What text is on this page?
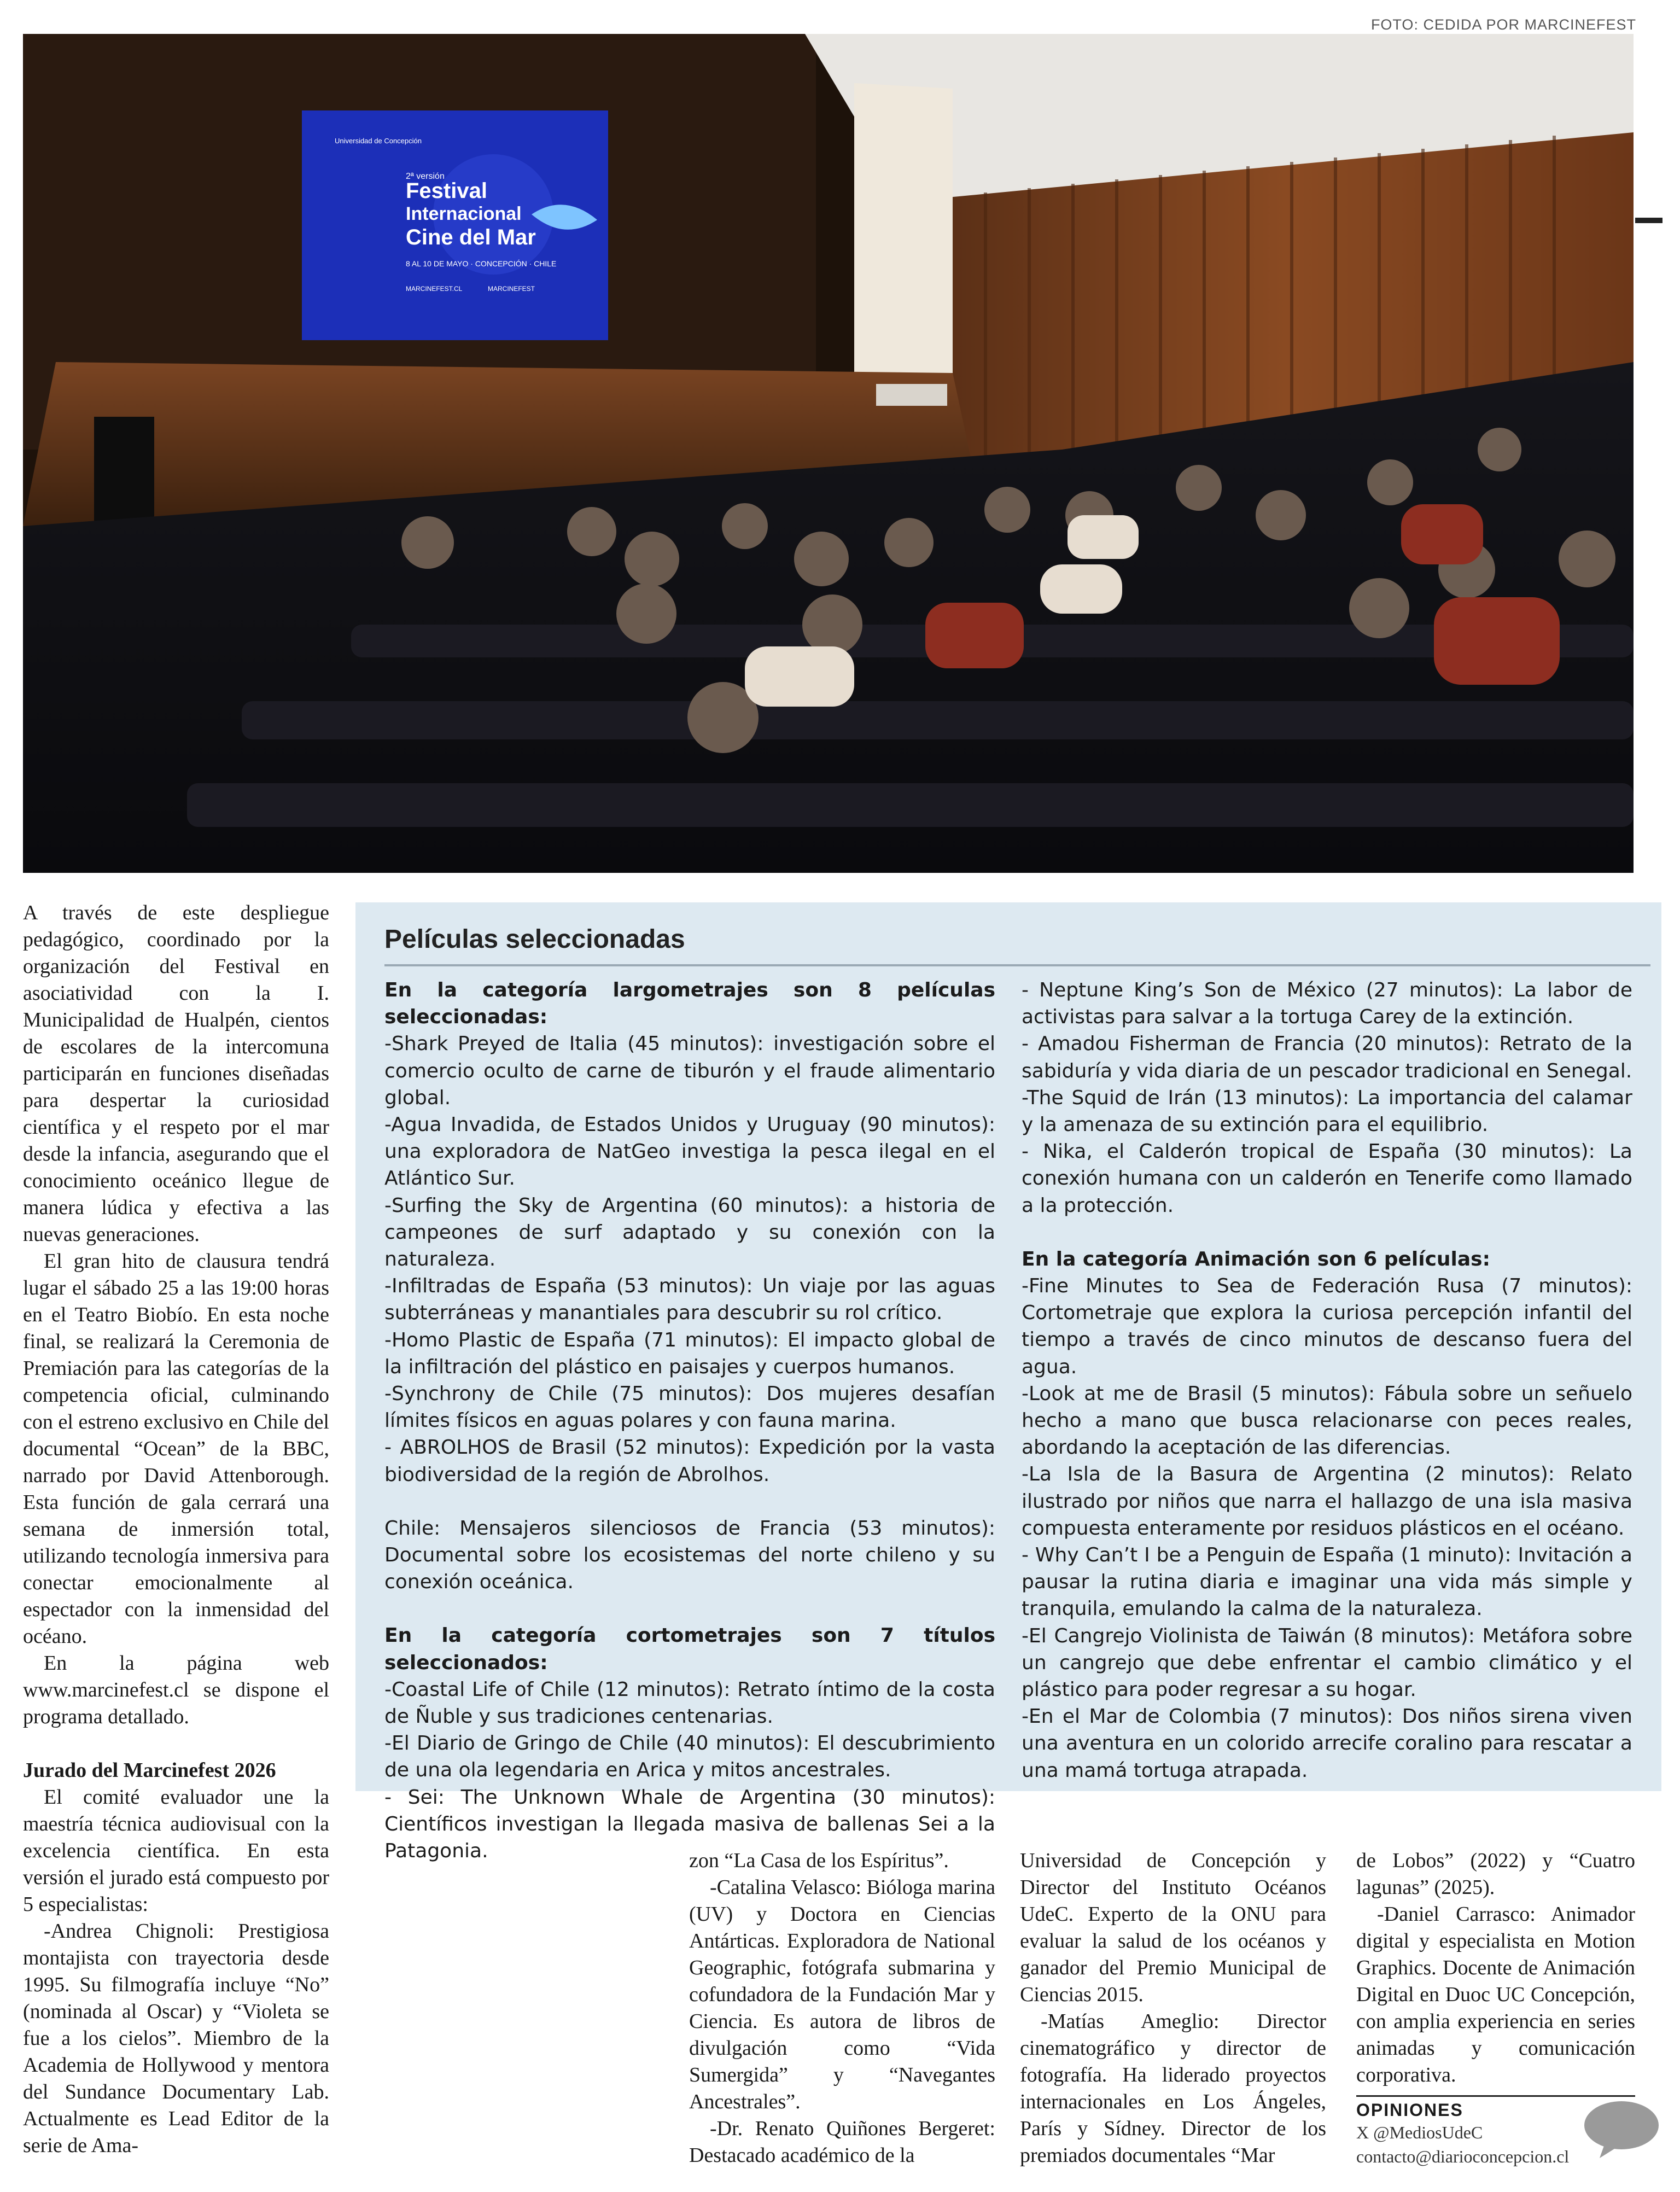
FOTO: CEDIDA POR MARCINEFEST
Festival
Internacional
Cine del Mar
2ª versión
8 AL 10 DE MAYO · CONCEPCIÓN · CHILE
Universidad de Concepción
MARCINEFEST.CL	MARCINEFEST

A través de este despliegue pedagógico, coordinado por la organización del Festival en asociatividad con la I. Municipalidad de Hualpén, cientos de escolares de la intercomuna participarán en funciones diseñadas para despertar la curiosidad científica y el respeto por el mar desde la infancia, asegurando que el conocimiento oceánico llegue de manera lúdica y efectiva a las nuevas generaciones.

El gran hito de clausura tendrá lugar el sábado 25 a las 19:00 horas en el Teatro Biobío. En esta noche final, se realizará la Ceremonia de Premiación para las categorías de la competencia oficial, culminando con el estreno exclusivo en Chile del documental “Ocean” de la BBC, narrado por David Attenborough. Esta función de gala cerrará una semana de inmersión total, utilizando tecnología inmersiva para conectar emocionalmente al espectador con la inmensidad del océano.

En la página web www.marcinefest.cl se dispone el programa detallado.

Jurado del Marcinefest 2026

El comité evaluador une la maestría técnica audiovisual con la excelencia científica. En esta versión el jurado está compuesto por 5 especialistas:

-Andrea Chignoli: Prestigiosa montajista con trayectoria desde 1995. Su filmografía incluye “No” (nominada al Oscar) y “Violeta se fue a los cielos”. Miembro de la Academia de Hollywood y mentora del Sundance Documentary Lab. Actualmente es Lead Editor de la serie de Ama-

Películas seleccionadas

En la categoría largometrajes son 8 películas seleccionadas:

-Shark Preyed de Italia (45 minutos): investigación sobre el comercio oculto de carne de tiburón y el fraude alimentario global.

-Agua Invadida, de Estados Unidos y Uruguay (90 minutos): una exploradora de NatGeo investiga la pesca ilegal en el Atlántico Sur.

-Surfing the Sky de Argentina (60 minutos): a historia de campeones de surf adaptado y su conexión con la naturaleza.

-Infiltradas de España (53 minutos): Un viaje por las aguas subterráneas y manantiales para descubrir su rol crítico.

-Homo Plastic de España (71 minutos): El impacto global de la infiltración del plástico en paisajes y cuerpos humanos.

-Synchrony de Chile (75 minutos): Dos mujeres desafían límites físicos en aguas polares y con fauna marina.

- ABROLHOS de Brasil (52 minutos): Expedición por la vasta biodiversidad de la región de Abrolhos.

Chile: Mensajeros silenciosos de Francia (53 minutos): Documental sobre los ecosistemas del norte chileno y su conexión oceánica.

En la categoría cortometrajes son 7 títulos seleccionados:

-Coastal Life of Chile (12 minutos): Retrato íntimo de la costa de Ñuble y sus tradiciones centenarias.

-El Diario de Gringo de Chile (40 minutos): El descubrimiento de una ola legendaria en Arica y mitos ancestrales.

- Sei: The Unknown Whale de Argentina (30 minutos): Científicos investigan la llegada masiva de ballenas Sei a la Patagonia.

- Neptune King’s Son de México (27 minutos): La labor de activistas para salvar a la tortuga Carey de la extinción.

- Amadou Fisherman de Francia (20 minutos): Retrato de la sabiduría y vida diaria de un pescador tradicional en Senegal.

-The Squid de Irán (13 minutos): La importancia del calamar y la amenaza de su extinción para el equilibrio.

- Nika, el Calderón tropical de España (30 minutos): La conexión humana con un calderón en Tenerife como llamado a la protección.

En la categoría Animación son 6 películas:

-Fine Minutes to Sea de Federación Rusa (7 minutos): Cortometraje que explora la curiosa percepción infantil del tiempo a través de cinco minutos de descanso fuera del agua.

-Look at me de Brasil (5 minutos): Fábula sobre un señuelo hecho a mano que busca relacionarse con peces reales, abordando la aceptación de las diferencias.

-La Isla de la Basura de Argentina (2 minutos): Relato ilustrado por niños que narra el hallazgo de una isla masiva compuesta enteramente por residuos plásticos en el océano.

- Why Can’t I be a Penguin de España (1 minuto): Invitación a pausar la rutina diaria e imaginar una vida más simple y tranquila, emulando la calma de la naturaleza.

-El Cangrejo Violinista de Taiwán (8 minutos): Metáfora sobre un cangrejo que debe enfrentar el cambio climático y el plástico para poder regresar a su hogar.

-En el Mar de Colombia (7 minutos): Dos niños sirena viven una aventura en un colorido arrecife coralino para rescatar a una mamá tortuga atrapada.

zon “La Casa de los Espíritus”.

-Catalina Velasco: Bióloga marina (UV) y Doctora en Ciencias Antárticas. Exploradora de National Geographic, fotógrafa submarina y cofundadora de la Fundación Mar y Ciencia. Es autora de libros de divulgación como “Vida Sumergida” y “Navegantes Ancestrales”.

-Dr. Renato Quiñones Bergeret: Destacado académico de la

Universidad de Concepción y Director del Instituto Océanos UdeC. Experto de la ONU para evaluar la salud de los océanos y ganador del Premio Municipal de Ciencias 2015.

-Matías Ameglio: Director cinematográfico y director de fotografía. Ha liderado proyectos internacionales en Los Ángeles, París y Sídney. Director de los premiados documentales “Mar

de Lobos” (2022) y “Cuatro lagunas” (2025).

-Daniel Carrasco: Animador digital y especialista en Motion Graphics. Docente de Animación Digital en Duoc UC Concepción, con amplia experiencia en series animadas y comunicación corporativa.

OPINIONES
X @MediosUdeC
contacto@diarioconcepcion.cl
